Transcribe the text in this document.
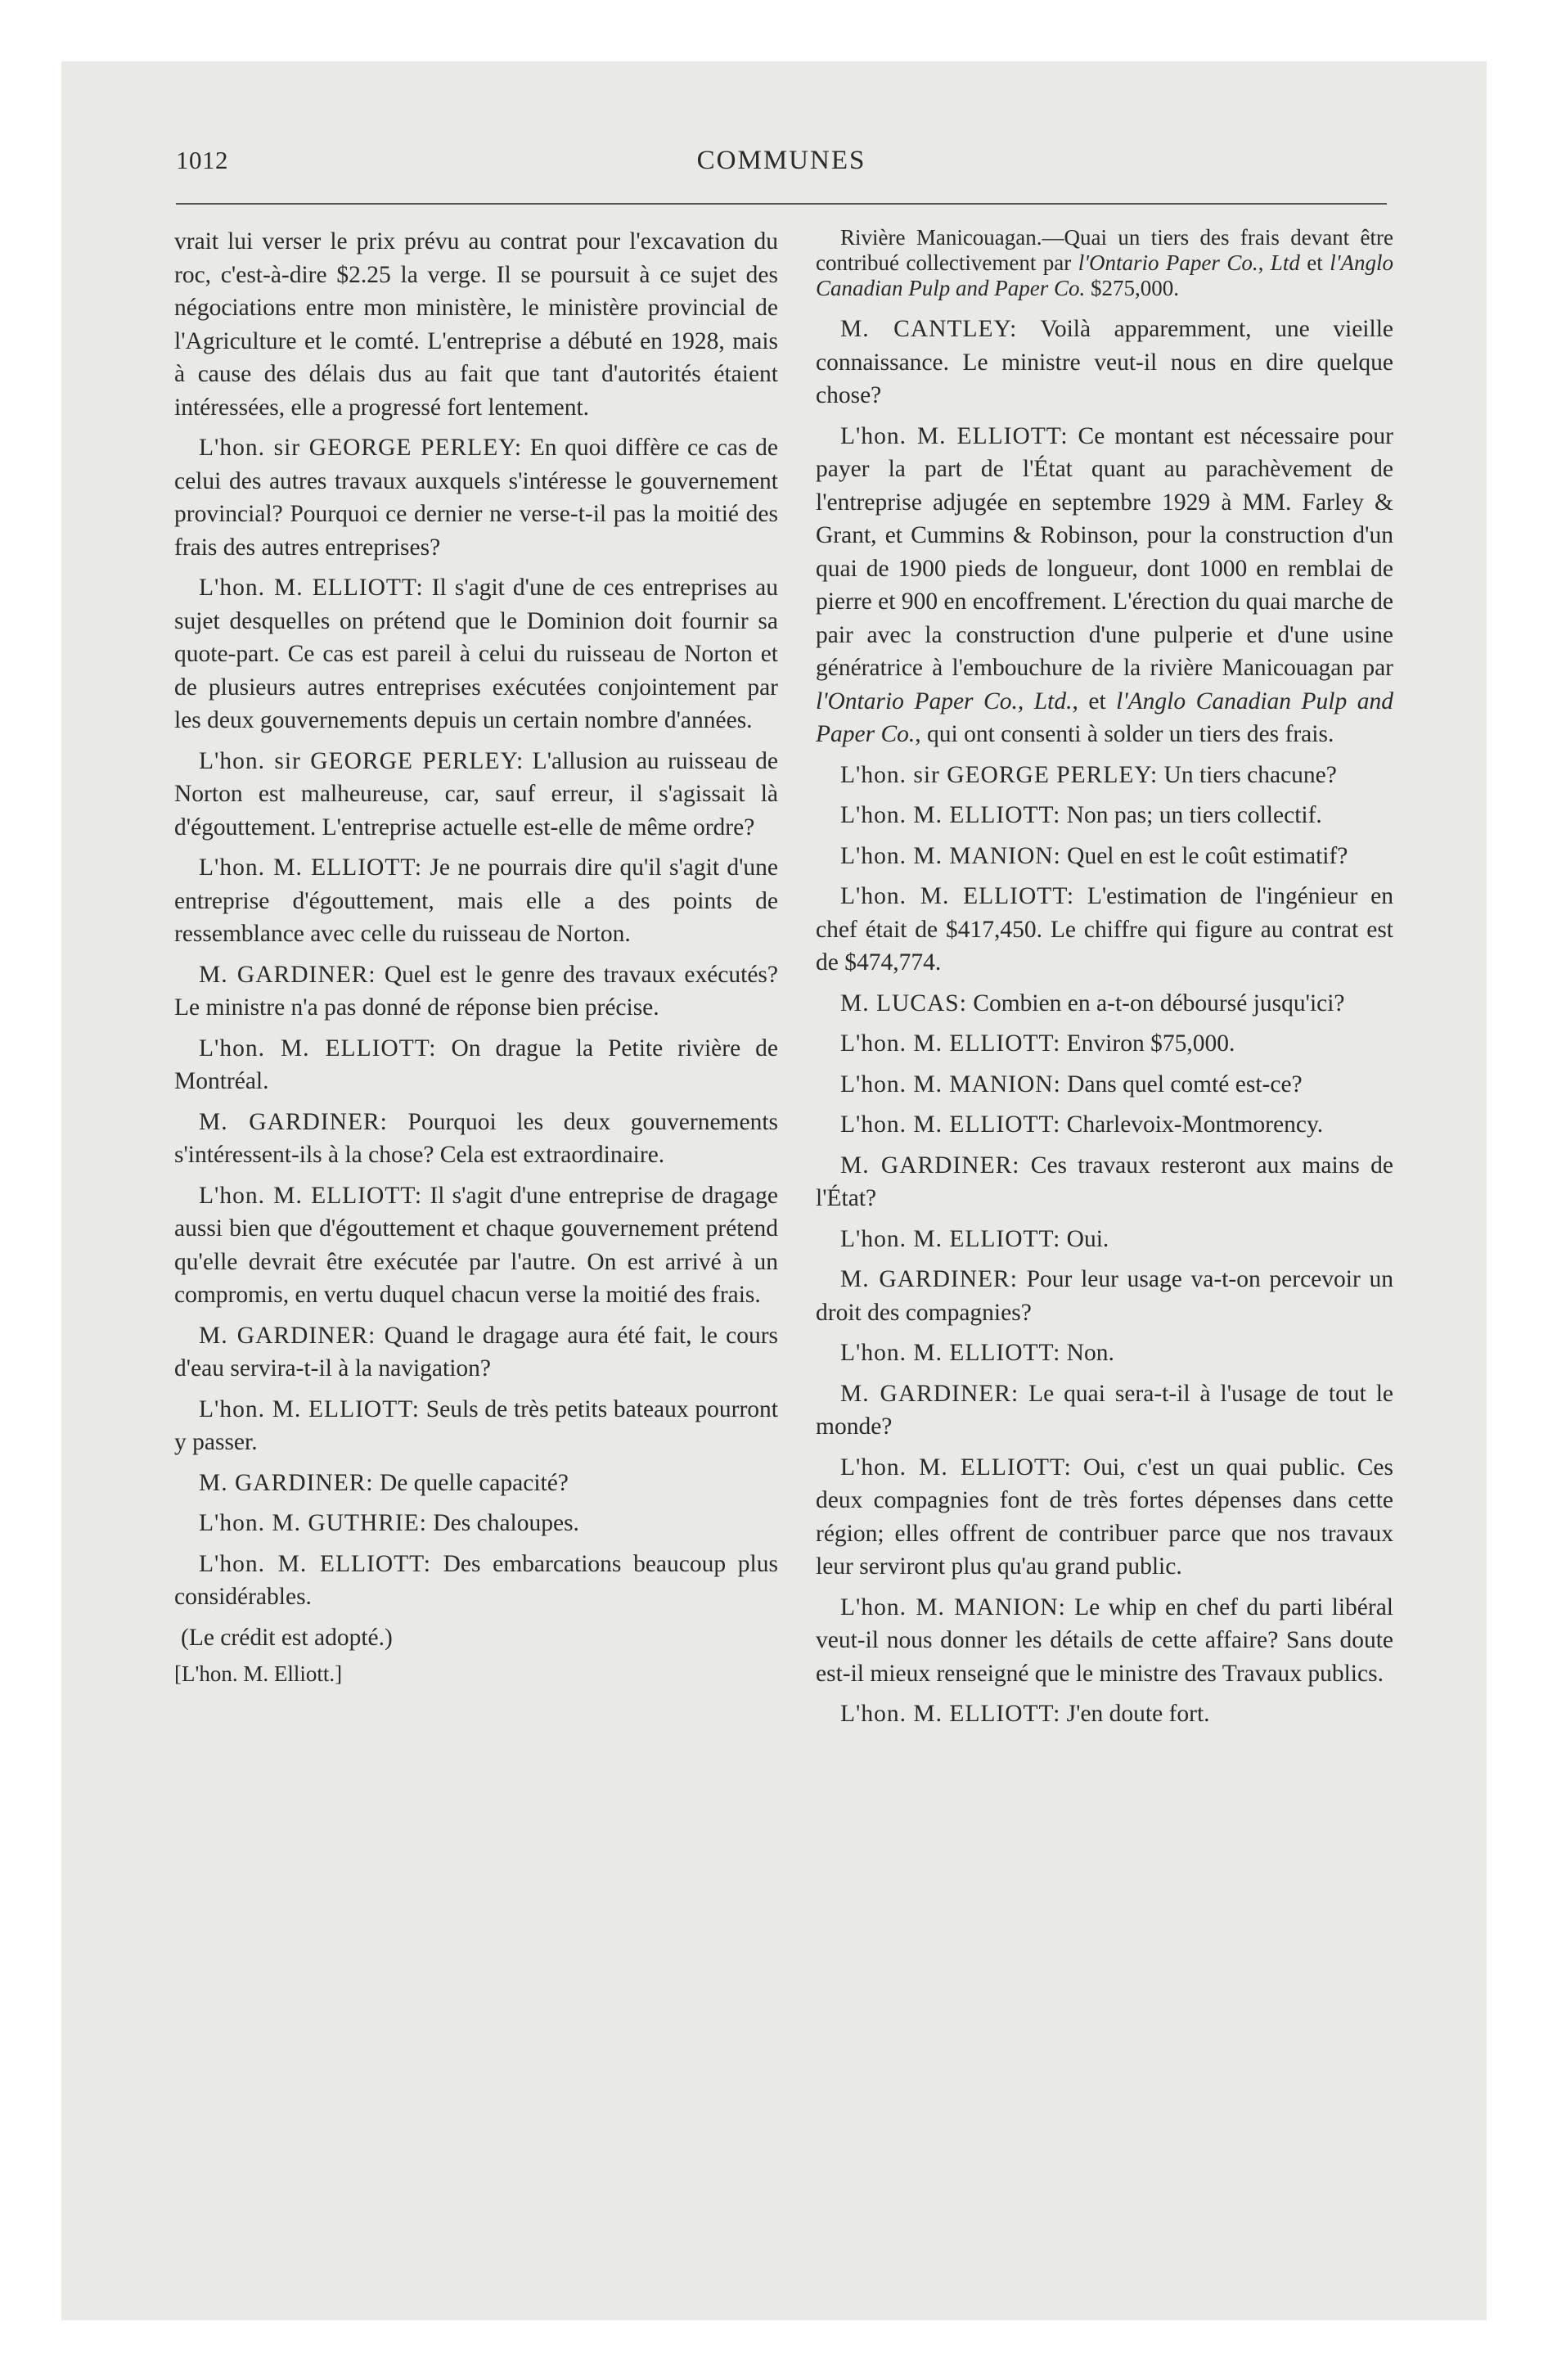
1012	COMMUNES

vrait lui verser le prix prévu au contrat pour l'excavation du roc, c'est-à-dire $2.25 la verge. Il se poursuit à ce sujet des négociations entre mon ministère, le ministère provincial de l'Agriculture et le comté. L'entreprise a débuté en 1928, mais à cause des délais dus au fait que tant d'autorités étaient intéressées, elle a progressé fort lentement.

L'hon. sir GEORGE PERLEY: En quoi diffère ce cas de celui des autres travaux auxquels s'intéresse le gouvernement provincial? Pourquoi ce dernier ne verse-t-il pas la moitié des frais des autres entreprises?

L'hon. M. ELLIOTT: Il s'agit d'une de ces entreprises au sujet desquelles on prétend que le Dominion doit fournir sa quote-part. Ce cas est pareil à celui du ruisseau de Norton et de plusieurs autres entreprises exécutées conjointement par les deux gouvernements depuis un certain nombre d'années.

L'hon. sir GEORGE PERLEY: L'allusion au ruisseau de Norton est malheureuse, car, sauf erreur, il s'agissait là d'égouttement. L'entreprise actuelle est-elle de même ordre?

L'hon. M. ELLIOTT: Je ne pourrais dire qu'il s'agit d'une entreprise d'égouttement, mais elle a des points de ressemblance avec celle du ruisseau de Norton.

M. GARDINER: Quel est le genre des travaux exécutés? Le ministre n'a pas donné de réponse bien précise.

L'hon. M. ELLIOTT: On drague la Petite rivière de Montréal.

M. GARDINER: Pourquoi les deux gouvernements s'intéressent-ils à la chose? Cela est extraordinaire.

L'hon. M. ELLIOTT: Il s'agit d'une entreprise de dragage aussi bien que d'égouttement et chaque gouvernement prétend qu'elle devrait être exécutée par l'autre. On est arrivé à un compromis, en vertu duquel chacun verse la moitié des frais.

M. GARDINER: Quand le dragage aura été fait, le cours d'eau servira-t-il à la navigation?

L'hon. M. ELLIOTT: Seuls de très petits bateaux pourront y passer.

M. GARDINER: De quelle capacité?

L'hon. M. GUTHRIE: Des chaloupes.

L'hon. M. ELLIOTT: Des embarcations beaucoup plus considérables.

(Le crédit est adopté.)

[L'hon. M. Elliott.]

Rivière Manicouagan.—Quai un tiers des frais devant être contribué collectivement par l'Ontario Paper Co., Ltd et l'Anglo Canadian Pulp and Paper Co. $275,000.

M. CANTLEY: Voilà apparemment, une vieille connaissance. Le ministre veut-il nous en dire quelque chose?

L'hon. M. ELLIOTT: Ce montant est nécessaire pour payer la part de l'État quant au parachèvement de l'entreprise adjugée en septembre 1929 à MM. Farley & Grant, et Cummins & Robinson, pour la construction d'un quai de 1900 pieds de longueur, dont 1000 en remblai de pierre et 900 en encoffrement. L'érection du quai marche de pair avec la construction d'une pulperie et d'une usine génératrice à l'embouchure de la rivière Manicouagan par l'Ontario Paper Co., Ltd., et l'Anglo Canadian Pulp and Paper Co., qui ont consenti à solder un tiers des frais.

L'hon. sir GEORGE PERLEY: Un tiers chacune?

L'hon. M. ELLIOTT: Non pas; un tiers collectif.

L'hon. M. MANION: Quel en est le coût estimatif?

L'hon. M. ELLIOTT: L'estimation de l'ingénieur en chef était de $417,450. Le chiffre qui figure au contrat est de $474,774.

M. LUCAS: Combien en a-t-on déboursé jusqu'ici?

L'hon. M. ELLIOTT: Environ $75,000.

L'hon. M. MANION: Dans quel comté est-ce?

L'hon. M. ELLIOTT: Charlevoix-Montmorency.

M. GARDINER: Ces travaux resteront aux mains de l'État?

L'hon. M. ELLIOTT: Oui.

M. GARDINER: Pour leur usage va-t-on percevoir un droit des compagnies?

L'hon. M. ELLIOTT: Non.

M. GARDINER: Le quai sera-t-il à l'usage de tout le monde?

L'hon. M. ELLIOTT: Oui, c'est un quai public. Ces deux compagnies font de très fortes dépenses dans cette région; elles offrent de contribuer parce que nos travaux leur serviront plus qu'au grand public.

L'hon. M. MANION: Le whip en chef du parti libéral veut-il nous donner les détails de cette affaire? Sans doute est-il mieux renseigné que le ministre des Travaux publics.

L'hon. M. ELLIOTT: J'en doute fort.
